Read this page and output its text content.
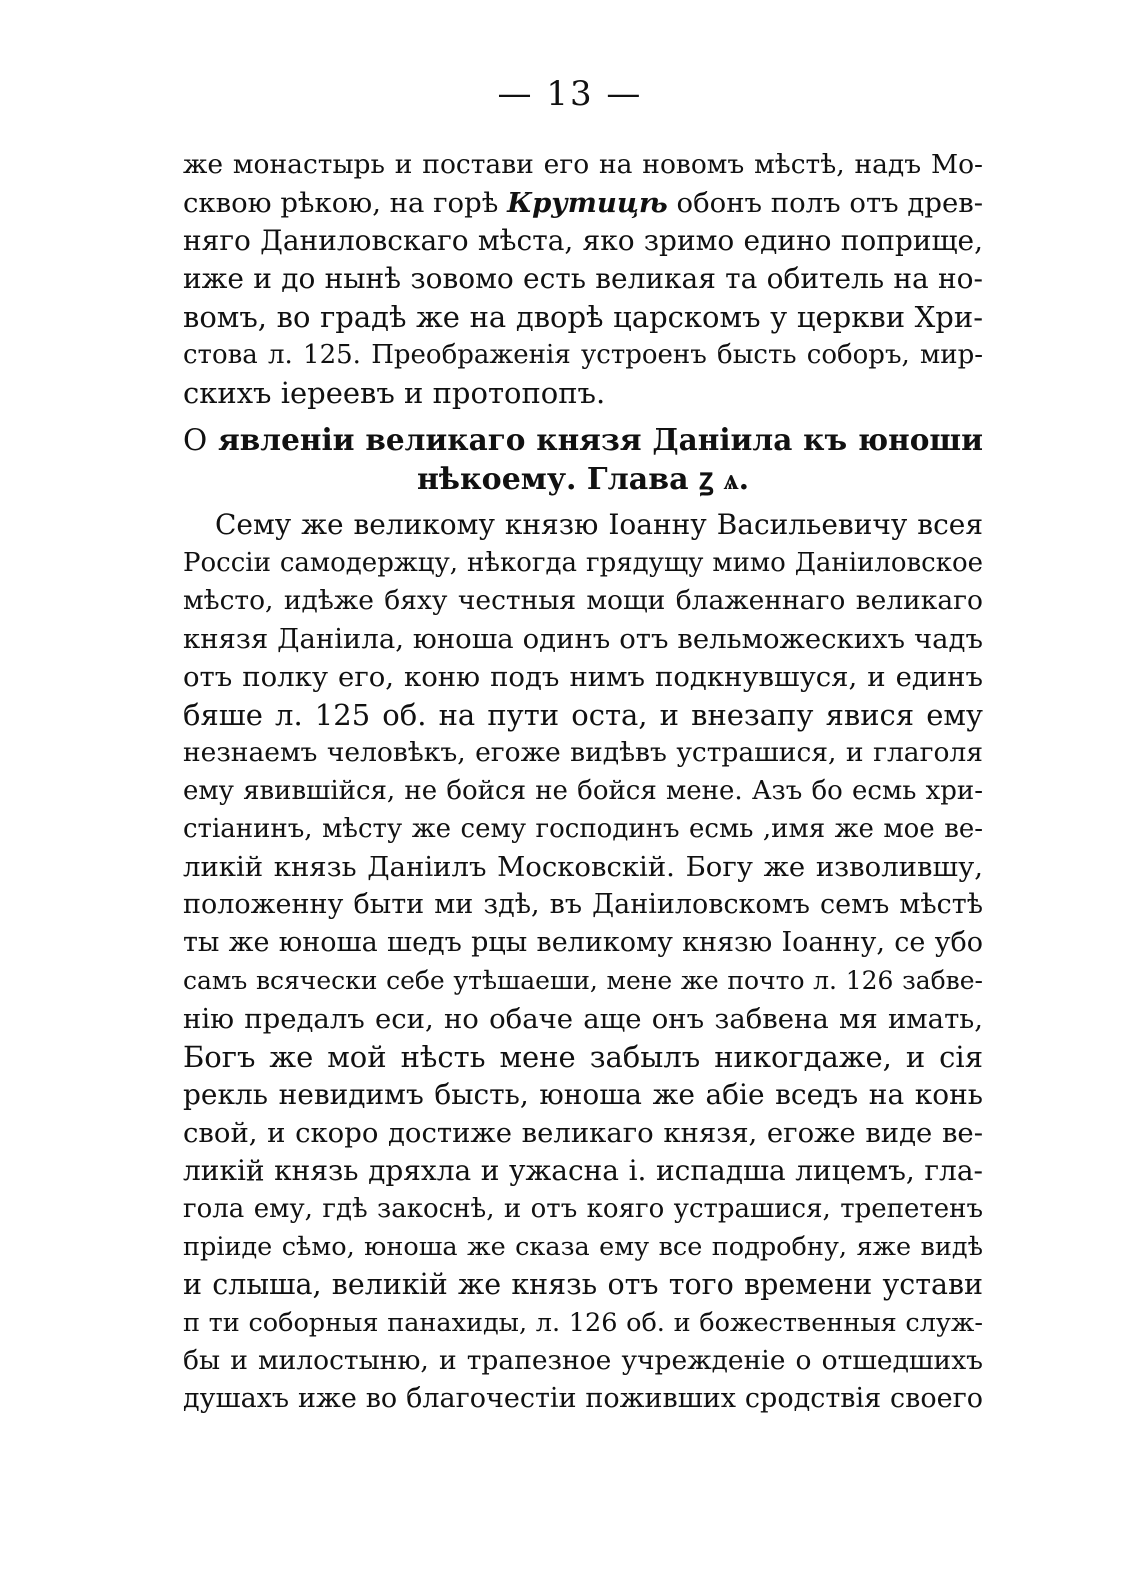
— 13 —
же монастырь и постави его на новомъ мѣстѣ, надъ Мо-
сквою рѣкою, на горѣ Крутицѣ обонъ полъ отъ древ-
няго Даниловскаго мѣста, яко зримо едино поприще,
иже и до нынѣ зовомо есть великая та обитель на но-
вомъ, во градѣ же на дворѣ царскомъ у церкви Хри-
стова л. 125. Преображенія устроенъ бысть соборъ, мир-
скихъ іереевъ и протопопъ.
О явленіи великаго князя Даніила къ юноши
нѣкоему. Глава ꙁ ѧ.
Сему же великому князю Іоанну Васильевичу всея
Россіи самодержцу, нѣкогда грядущу мимо Даніиловское
мѣсто, идѣже бяху честныя мощи блаженнаго великаго
князя Даніила, юноша одинъ отъ вельможескихъ чадъ
отъ полку его, коню подъ нимъ подкнувшуся, и единъ
бяше л. 125 об. на пути оста, и внезапу явися ему
незнаемъ человѣкъ, егоже видѣвъ устрашися, и глаголя
ему явившійся, не бойся не бойся мене. Азъ бо есмь хри-
стіанинъ, мѣсту же сему господинъ есмь ,имя же мое ве-
ликій князь Даніилъ Московскій. Богу же изволившу,
положенну быти ми здѣ, въ Даніиловскомъ семъ мѣстѣ
ты же юноша шедъ рцы великому князю Іоанну, се убо
самъ всячески себе утѣшаеши, мене же почто л. 126 забве-
нію предалъ еси, но обаче аще онъ забвена мя имать,
Богъ же мой нѣсть мене забылъ никогдаже, и сія
рекль невидимъ бысть, юноша же абіе вседъ на конь
свой, и скоро достиже великаго князя, егоже виде ве-
ликій князь дряхла и ужасна і. испадша лицемъ, гла-
гола ему, гдѣ закоснѣ, и отъ кояго устрашися, трепетенъ
пріиде сѣмо, юноша же сказа ему все подробну, яже видѣ
и слыша, великій же князь отъ того времени устави
п ти соборныя панахиды, л. 126 об. и божественныя служ-
бы и милостыню, и трапезное учрежденіе о отшедшихъ
душахъ иже во благочестіи поживших сродствія своего
